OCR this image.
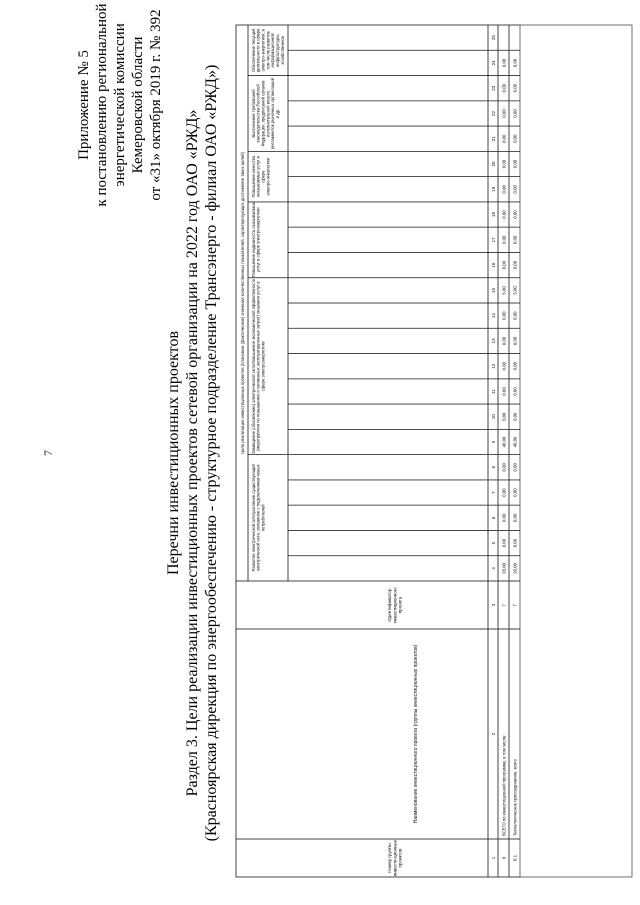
7
Приложение № 5 к постановлению региональной энергетической комиссии Кемеровской области от «31» октября 2019 г. № 392
Перечни инвестиционных проектов Раздел 3. Цели реализации инвестиционных проектов сетевой организации на 2022 год ОАО «РЖД» (Красноярская дирекция по энергообеспечению - структурное подразделение Трансэнерго - филиал ОАО «РЖД»)
Номер группы инвести-ционных проектов
Наименование инвестиционного проекта (группы инвестиционных проектов)
Идентификатор инвестиционного проекта
Цели реализации инвестиционных проектов (плановые (фактические) значения количественных показателей, характеризующих достижение таких целей)
Развитие электрической сети/усиление существующей электрической сети, связанное с подключением новых потребителей
Замещение (обновление) электрической сети/повышение экономической эффективности (мероприятия по повышению и сниженных эксплуатационных затрат) оказания услуг в сфере электроэнергетики
Повышение надежности оказываемых услуг в сфере электроэнергетики
Повышение качества оказываемых услуг в сфере электро-энергетики
Выполнение требований законодательства Российской Федерации, предписаний органов исполнительной власти, регламентов рыночных организаций и др.
Обеспечение текущей деятельности в сфере электро-энергетики, в том числе развитие информационной инфраструктуры, хозяйственное
1
2
3
4
5
6
7
8
9
10
11
12
13
14
15
16
17
18
19
20
21
22
23
24
25
0
ВСЕГО по инвестиционной программе, в том числе:
Г
20,00
0,00
0,00
0,00
0,00
40,00
0,00
0,00
0,00
0,00
0,00
5,00
0,00
0,00
0,00
0,00
0,00
0,00
0,00
0,00
0,00
0.1
Технологическое присоединение, всего
Г
20,00
0,00
0,00
0,00
0,00
40,00
0,00
0,00
0,00
0,00
0,00
5,00
0,00
0,00
0,00
0,00
0,00
0,00
0,00
0,00
0,00
